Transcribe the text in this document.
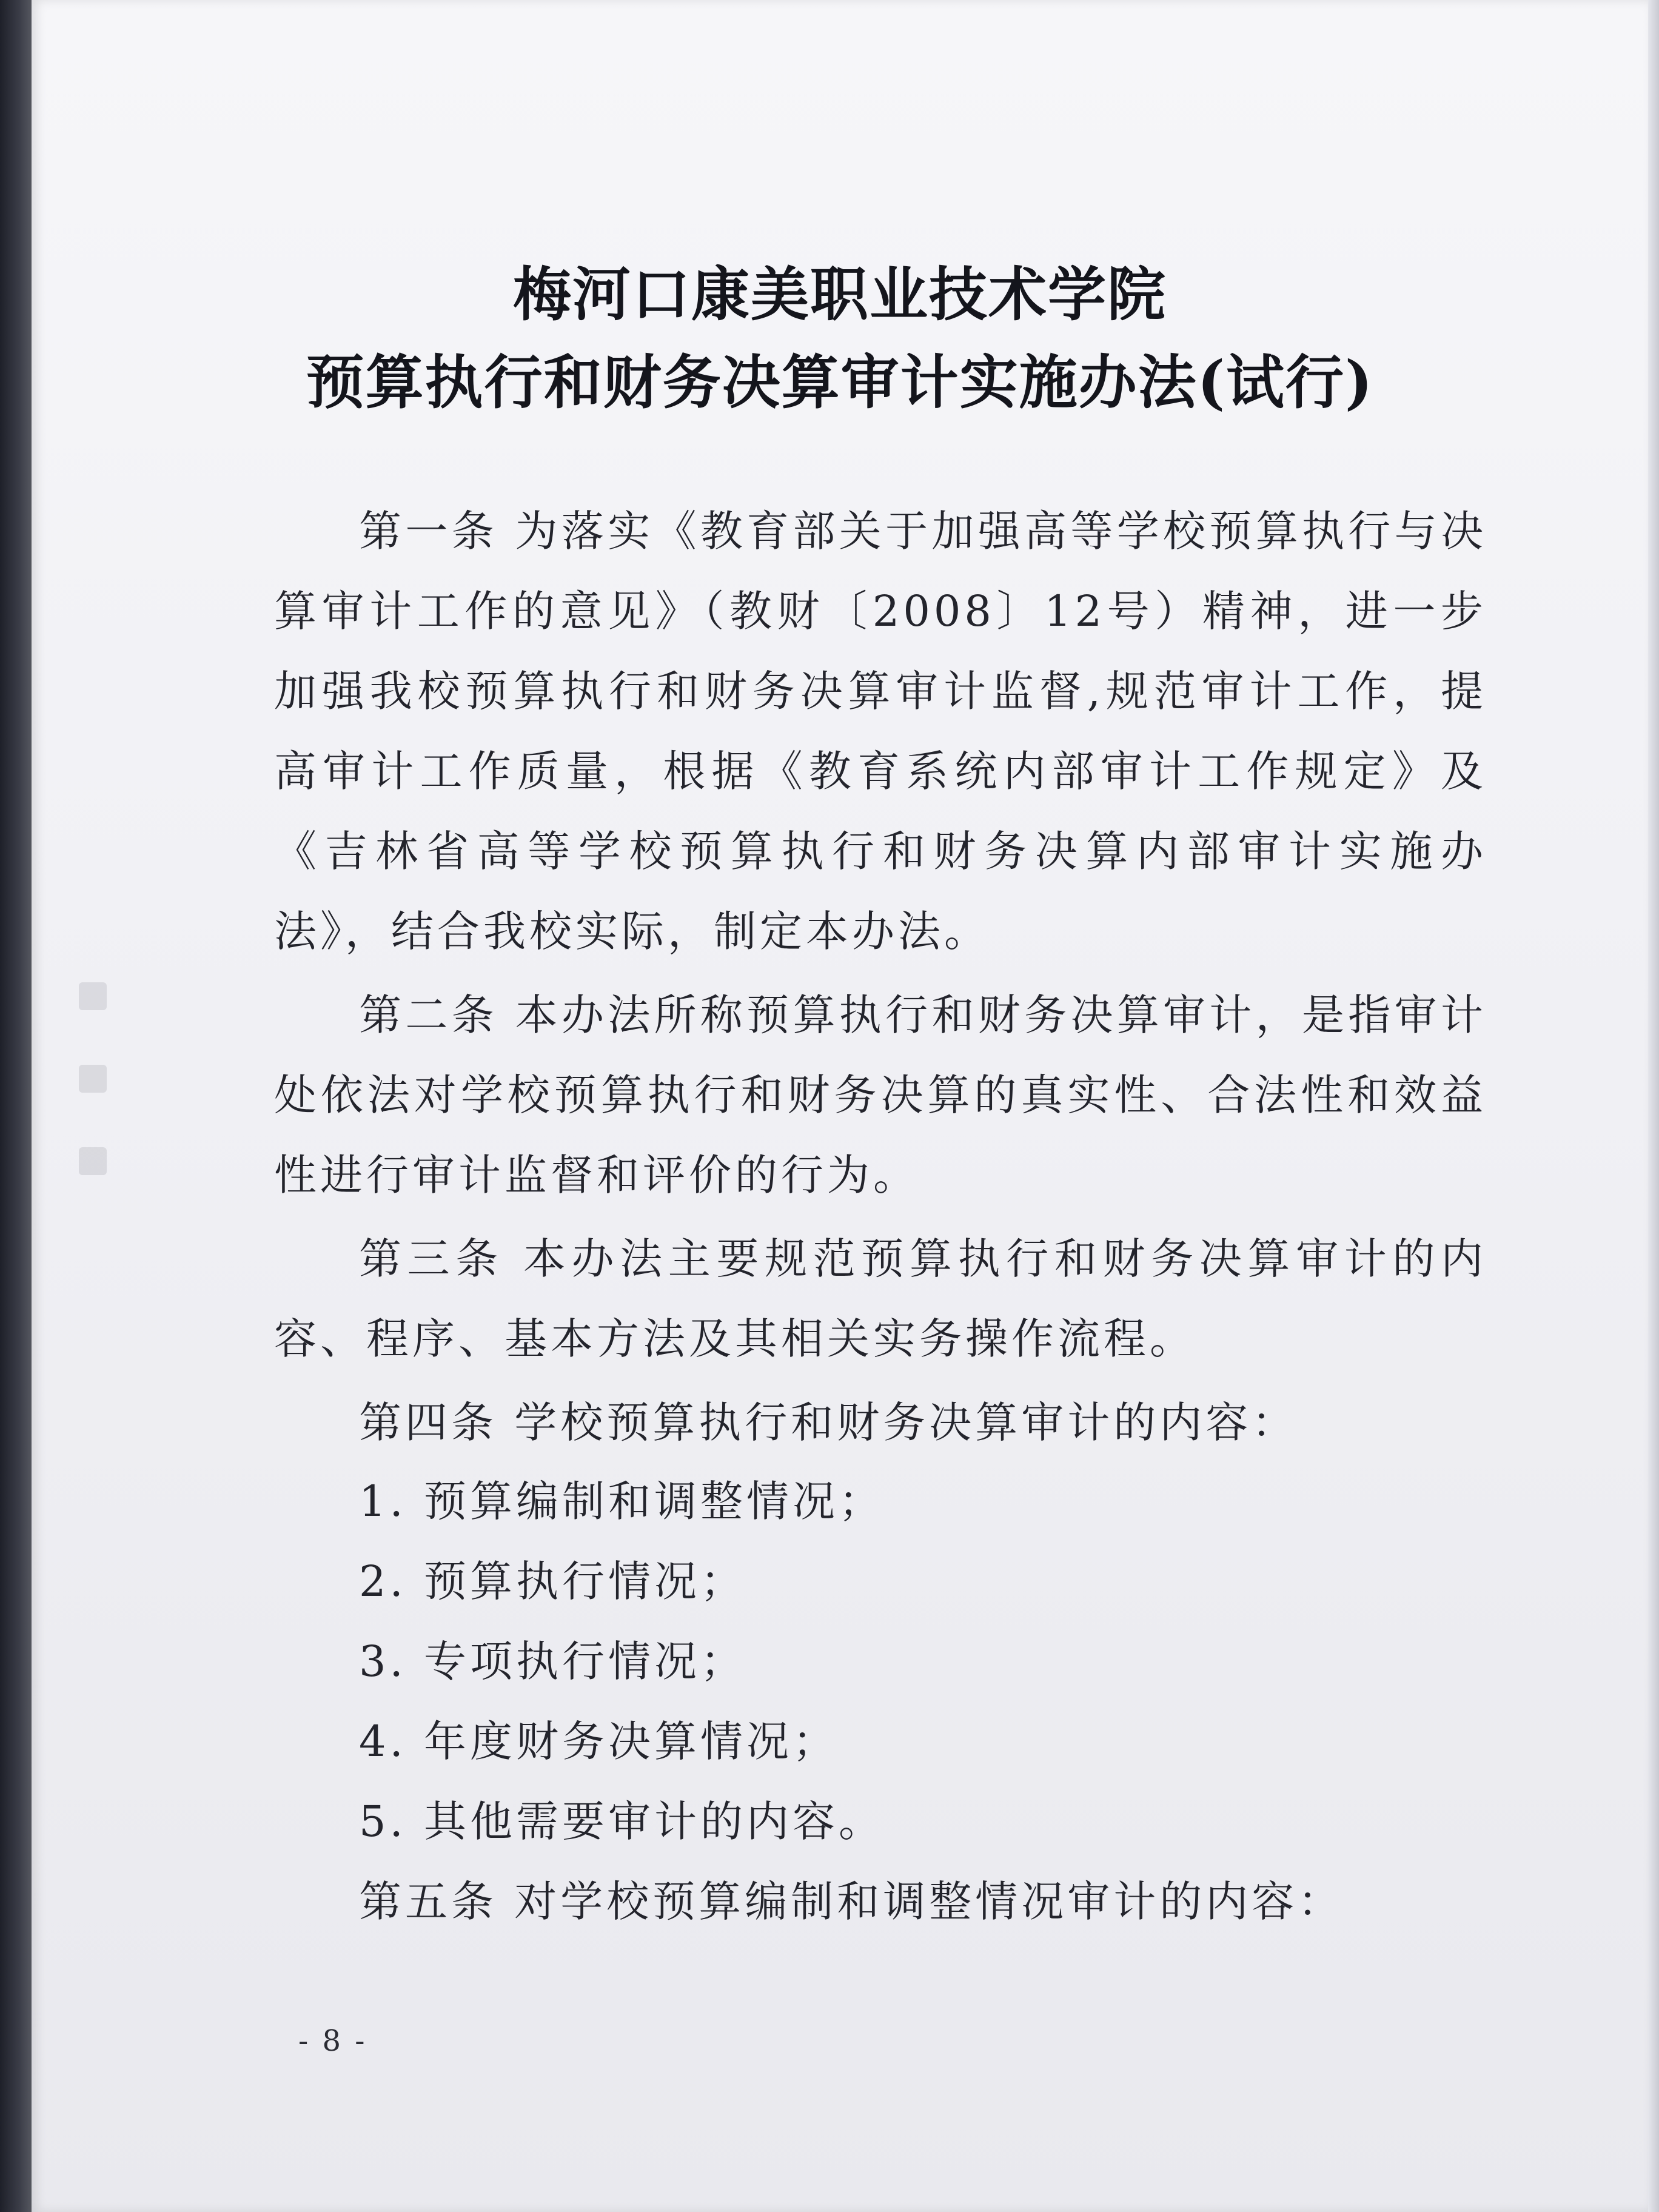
梅河口康美职业技术学院
预算执行和财务决算审计实施办法(试行)
第一条 为落实《教育部关于加强高等学校预算执行与决算审计工作的意见》（教财〔2008〕12号）精神，进一步加强我校预算执行和财务决算审计监督,规范审计工作，提高审计工作质量，根据《教育系统内部审计工作规定》及《吉林省高等学校预算执行和财务决算内部审计实施办法》，结合我校实际，制定本办法。
第二条 本办法所称预算执行和财务决算审计，是指审计处依法对学校预算执行和财务决算的真实性、合法性和效益性进行审计监督和评价的行为。
第三条 本办法主要规范预算执行和财务决算审计的内容、程序、基本方法及其相关实务操作流程。
第四条 学校预算执行和财务决算审计的内容：
1. 预算编制和调整情况；
2. 预算执行情况；
3. 专项执行情况；
4. 年度财务决算情况；
5. 其他需要审计的内容。
第五条 对学校预算编制和调整情况审计的内容：
- 8 -
